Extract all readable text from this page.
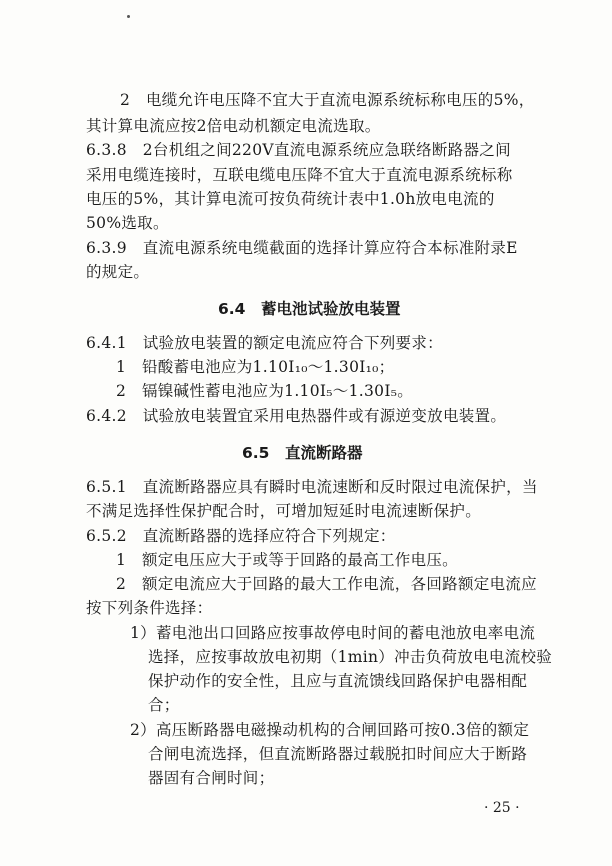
2　电缆允许电压降不宜大于直流电源系统标称电压的5%，
其计算电流应按2倍电动机额定电流选取。
6.3.8　2台机组之间220V直流电源系统应急联络断路器之间
采用电缆连接时，互联电缆电压降不宜大于直流电源系统标称
电压的5%，其计算电流可按负荷统计表中1.0h放电电流的
50%选取。
6.3.9　直流电源系统电缆截面的选择计算应符合本标准附录E
的规定。
6.4　蓄电池试验放电装置
6.4.1　试验放电装置的额定电流应符合下列要求：
1　铅酸蓄电池应为1.10I₁₀～1.30I₁₀；
2　镉镍碱性蓄电池应为1.10I₅～1.30I₅。
6.4.2　试验放电装置宜采用电热器件或有源逆变放电装置。
6.5　直流断路器
6.5.1　直流断路器应具有瞬时电流速断和反时限过电流保护，当
不满足选择性保护配合时，可增加短延时电流速断保护。
6.5.2　直流断路器的选择应符合下列规定：
1　额定电压应大于或等于回路的最高工作电压。
2　额定电流应大于回路的最大工作电流，各回路额定电流应
按下列条件选择：
1）蓄电池出口回路应按事故停电时间的蓄电池放电率电流
选择，应按事故放电初期（1min）冲击负荷放电电流校验
保护动作的安全性，且应与直流馈线回路保护电器相配
合；
2）高压断路器电磁操动机构的合闸回路可按0.3倍的额定
合闸电流选择，但直流断路器过载脱扣时间应大于断路
器固有合闸时间；
· 25 ·
